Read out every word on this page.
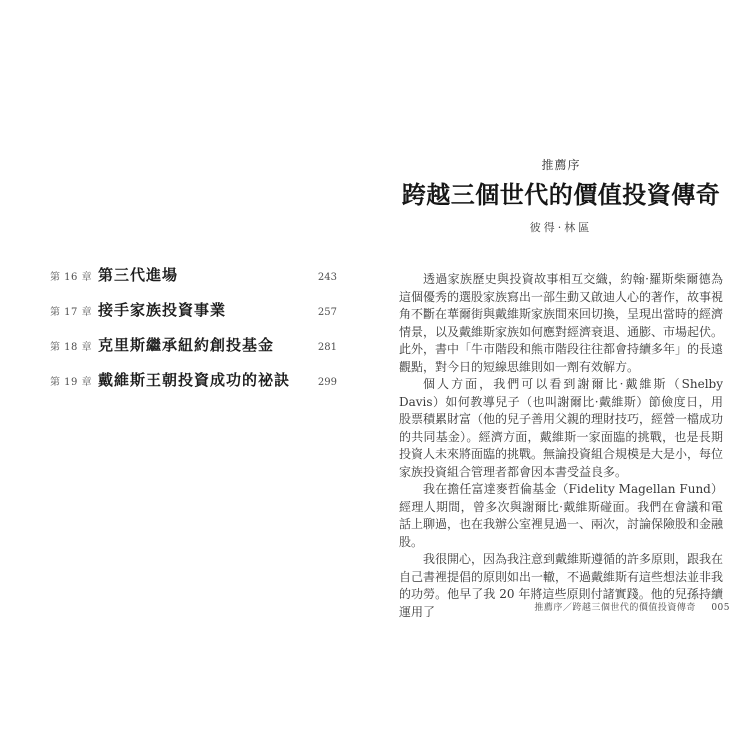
第 16 章 第三代進場	243
第 17 章 接手家族投資事業	257
第 18 章 克里斯繼承紐約創投基金	281
第 19 章 戴維斯王朝投資成功的祕訣	299
推薦序
跨越三個世代的價值投資傳奇
彼得·林區

透過家族歷史與投資故事相互交織，約翰·羅斯柴爾德為這個優秀的選股家族寫出一部生動又啟迪人心的著作，故事視角不斷在華爾街與戴維斯家族間來回切換，呈現出當時的經濟情景，以及戴維斯家族如何應對經濟衰退、通膨、市場起伏。此外，書中「牛市階段和熊市階段往往都會持續多年」的長遠觀點，對今日的短線思維則如一劑有效解方。

個人方面，我們可以看到謝爾比·戴維斯（Shelby Davis）如何教導兒子（也叫謝爾比·戴維斯）節儉度日，用股票積累財富（他的兒子善用父親的理財技巧，經營一檔成功的共同基金）。經濟方面，戴維斯一家面臨的挑戰，也是長期投資人未來將面臨的挑戰。無論投資組合規模是大是小，每位家族投資組合管理者都會因本書受益良多。

我在擔任富達麥哲倫基金（Fidelity Magellan Fund）經理人期間，曾多次與謝爾比·戴維斯碰面。我們在會議和電話上聊過，也在我辦公室裡見過一、兩次，討論保險股和金融股。

我很開心，因為我注意到戴維斯遵循的許多原則，跟我在自己書裡提倡的原則如出一轍，不過戴維斯有這些想法並非我的功勞。他早了我 20 年將這些原則付諸實踐。他的兒孫持續運用了	推薦序／跨越三個世代的價值投資傳奇 005
